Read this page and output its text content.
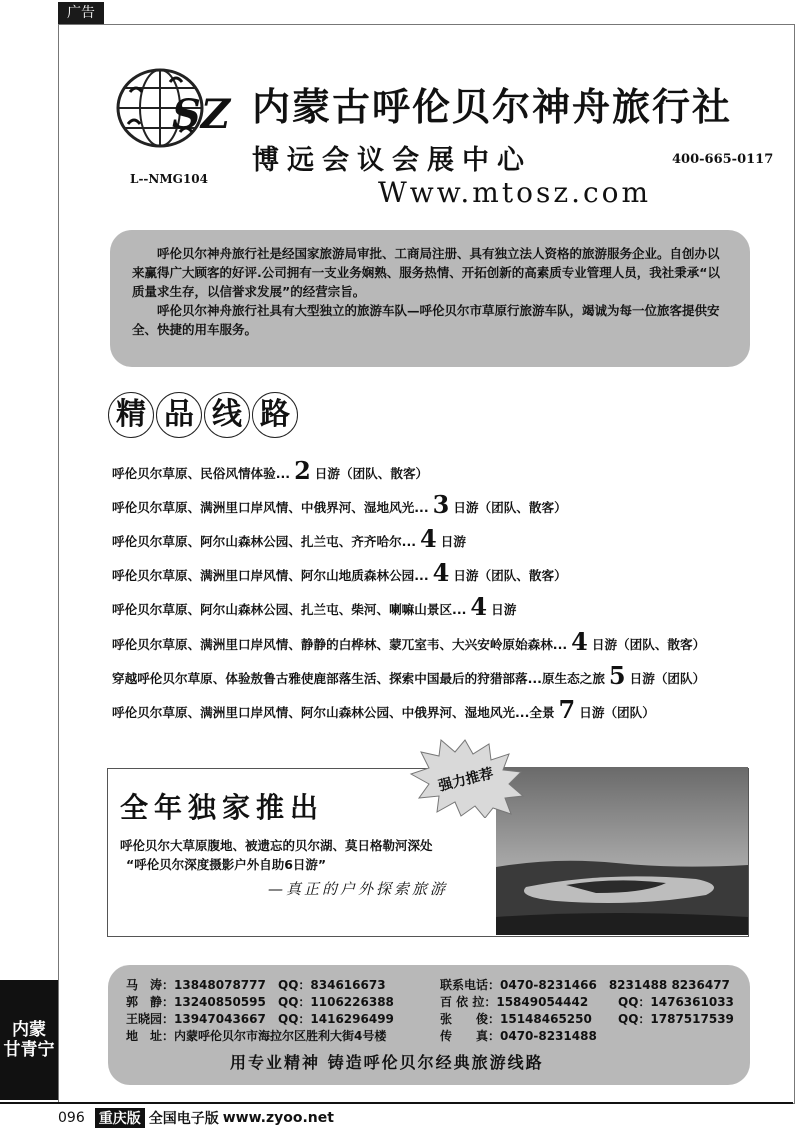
广告
内蒙
甘青宁
SZ
L--NMG104
内蒙古呼伦贝尔神舟旅行社
博远会议会展中心	400-665-0117
Www.mtosz.com

呼伦贝尔神舟旅行社是经国家旅游局审批、工商局注册、具有独立法人资格的旅游服务企业。自创办以来赢得广大顾客的好评.公司拥有一支业务娴熟、服务热情、开拓创新的高素质专业管理人员，我社秉承“以质量求生存，以信誉求发展”的经营宗旨。

呼伦贝尔神舟旅行社具有大型独立的旅游车队—呼伦贝尔市草原行旅游车队，竭诚为每一位旅客提供安全、快捷的用车服务。

精 品 线 路
呼伦贝尔草原、民俗风情体验... 2 日游（团队、散客）
呼伦贝尔草原、满洲里口岸风情、中俄界河、湿地风光... 3 日游（团队、散客）
呼伦贝尔草原、阿尔山森林公园、扎兰屯、齐齐哈尔... 4 日游
呼伦贝尔草原、满洲里口岸风情、阿尔山地质森林公园... 4 日游（团队、散客）
呼伦贝尔草原、阿尔山森林公园、扎兰屯、柴河、喇嘛山景区... 4 日游
呼伦贝尔草原、满洲里口岸风情、静静的白桦林、蒙兀室韦、大兴安岭原始森林... 4 日游（团队、散客）
穿越呼伦贝尔草原、体验敖鲁古雅使鹿部落生活、探索中国最后的狩猎部落...原生态之旅 5 日游（团队）
呼伦贝尔草原、满洲里口岸风情、阿尔山森林公园、中俄界河、湿地风光...全景 7 日游（团队）
强力推荐
全年独家推出
呼伦贝尔大草原腹地、被遗忘的贝尔湖、莫日格勒河深处
“呼伦贝尔深度摄影户外自助6日游”
—真正的户外探索旅游
马　涛：13848078777 QQ：834616673	联系电话：0470-8231466　8231488 8236477
郭　静：13240850595 QQ：1106226388	百 依 拉：15849054442 QQ：1476361033
王晓园：13947043667 QQ：1416296499	张　　俊：15148465250 QQ：1787517539
地　址：内蒙呼伦贝尔市海拉尔区胜利大街4号楼	传　　真：0470-8231488
用专业精神 铸造呼伦贝尔经典旅游线路
096 重庆版 全国电子版 www.zyoo.net
